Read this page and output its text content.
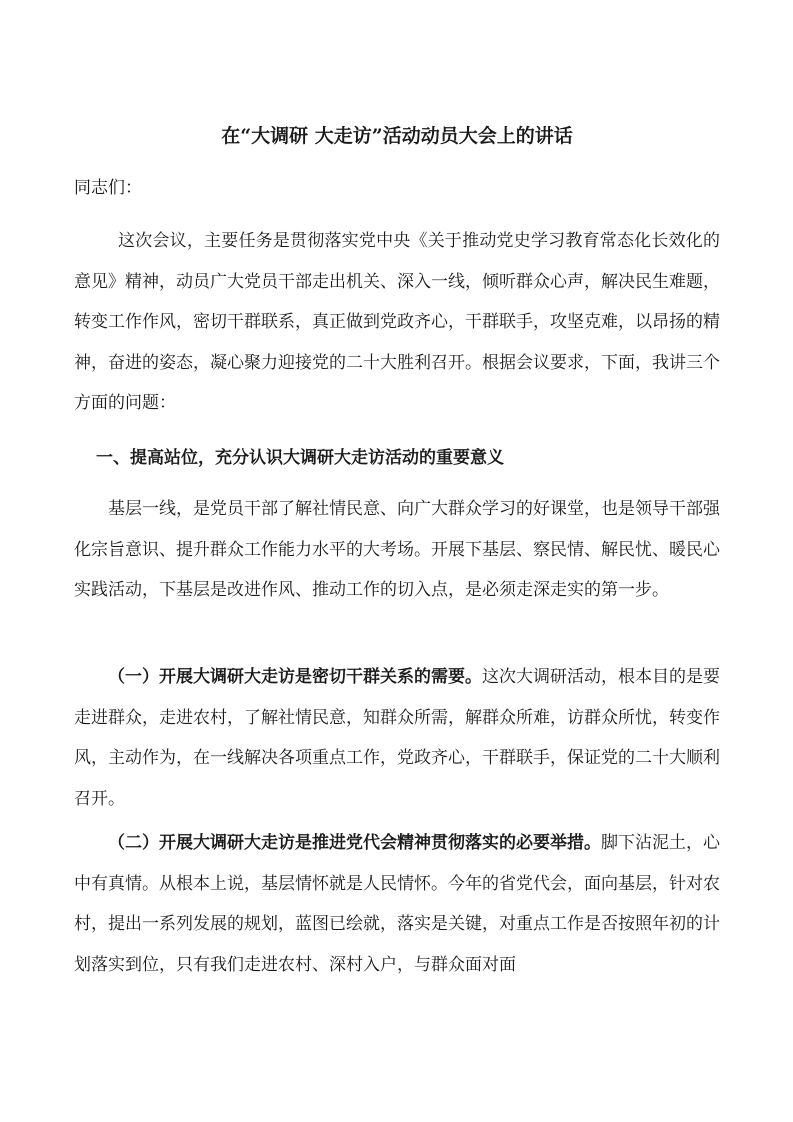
在“大调研 大走访”活动动员大会上的讲话
同志们：

这次会议，主要任务是贯彻落实党中央《关于推动党史学习教育常态化长效化的意见》精神，动员广大党员干部走出机关、深入一线，倾听群众心声，解决民生难题，转变工作作风，密切干群联系，真正做到党政齐心，干群联手，攻坚克难，以昂扬的精神，奋进的姿态，凝心聚力迎接党的二十大胜利召开。根据会议要求，下面，我讲三个方面的问题：

一、提高站位，充分认识大调研大走访活动的重要意义

基层一线，是党员干部了解社情民意、向广大群众学习的好课堂，也是领导干部强化宗旨意识、提升群众工作能力水平的大考场。开展下基层、察民情、解民忧、暖民心实践活动，下基层是改进作风、推动工作的切入点，是必须走深走实的第一步。

（一）开展大调研大走访是密切干群关系的需要。这次大调研活动，根本目的是要走进群众，走进农村，了解社情民意，知群众所需，解群众所难，访群众所忧，转变作风，主动作为，在一线解决各项重点工作，党政齐心，干群联手，保证党的二十大顺利召开。

（二）开展大调研大走访是推进党代会精神贯彻落实的必要举措。脚下沾泥土，心中有真情。从根本上说，基层情怀就是人民情怀。今年的省党代会，面向基层，针对农村，提出一系列发展的规划，蓝图已绘就，落实是关键，对重点工作是否按照年初的计划落实到位，只有我们走进农村、深村入户，与群众面对面
